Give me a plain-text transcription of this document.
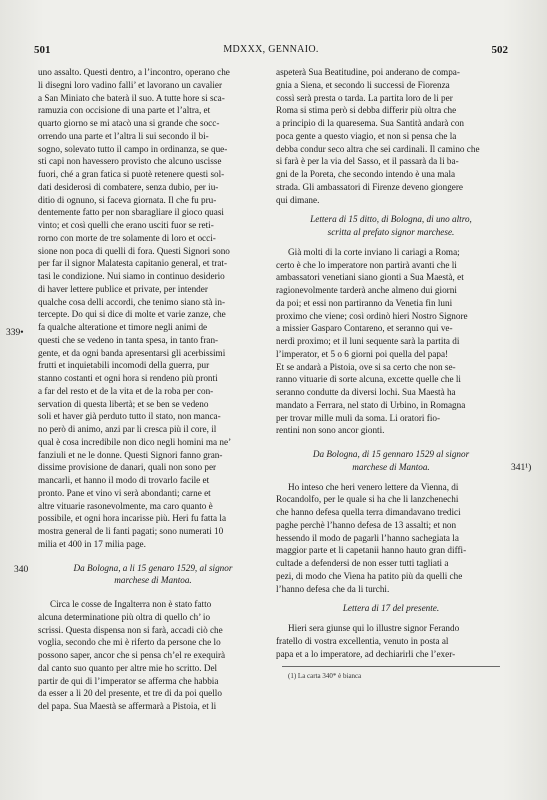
501	MDXXX, GENNAIO.	502
339•
340
341¹)
uno assalto. Questi dentro, a l’incontro, operano che
li disegni loro vadino falli’ et lavorano un cavalier
a San Miniato che baterà il suo. A tutte hore si sca-
ramuzia con occisione di una parte et l’altra, et
quarto giorno se mi atacò una si grande che socc-
orrendo una parte et l’altra li sui secondo il bi-
sogno, solevato tutto il campo in ordinanza, se que-
sti capi non havessero provisto che alcuno uscisse
fuori, ché a gran fatica si puotè retenere questi sol-
dati desiderosi di combatere, senza dubio, per iu-
ditio di ognuno, si faceva giornata. Il che fu pru-
dentemente fatto per non sbaragliare il gioco quasi
vinto; et così quelli che erano usciti fuor se reti-
rorno con morte de tre solamente di loro et occi-
sione non poca di quelli di fora. Questi Signori sono
per far il signor Malatesta capitanio general, et trat-
tasi le condizione. Nui siamo in continuo desiderio
di haver lettere publice et private, per intender
qualche cosa delli accordi, che tenimo siano stà in-
tercepte. Do qui si dice di molte et varie zanze, che
fa qualche alteratione et timore negli animi de
questi che se vedeno in tanta spesa, in tanto fran-
gente, et da ogni banda apresentarsi gli acerbissimi
frutti et inquietabili incomodi della guerra, pur
stanno costanti et ogni hora si rendeno più pronti
a far del resto et de la vita et de la roba per con-
servation di questa libertà; et se ben se vedeno
soli et haver già perduto tutto il stato, non manca-
no però di animo, anzi par li cresca più il core, il
qual è cosa incredibile non dico negli homini ma ne’
fanziuli et ne le donne. Questi Signori fanno gran-
dissime provisione de danari, quali non sono per
mancarli, et hanno il modo di trovarlo facile et
pronto. Pane et vino vi serà abondanti; carne et
altre vituarie rasonevolmente, ma caro quanto è
possibile, et ogni hora incarisse più. Heri fu fatta la
mostra general de li fanti pagati; sono numerati 10
milia et 400 in 17 milia page.
Da Bologna, a li 15 genaro 1529, al signor
marchese di Mantoa.
Circa le cosse de Ingalterra non è stato fatto
alcuna determinatione più oltra di quello ch’ io
scrissi. Questa dispensa non si farà, accadi ciò che
voglia, secondo che mi è riferto da persone che lo
possono saper, ancor che si pensa ch’el re exequirà
dal canto suo quanto per altre mie ho scritto. Del
partir de qui di l’imperator se afferma che habbia
da esser a li 20 del presente, et tre di da poi quello
del papa. Sua Maestà se affermarà a Pistoia, et li
aspeterà Sua Beatitudine, poi anderano de compa-
gnia a Siena, et secondo li successi de Fiorenza
cossì serà presta o tarda. La partita loro de li per
Roma si stima però si debba differir più oltra che
a principio di la quaresema. Sua Santità andarà con
poca gente a questo viagio, et non si pensa che la
debba condur seco altra che sei cardinali. Il camino che
si farà è per la via del Sasso, et il passarà da li ba-
gni de la Poreta, che secondo intendo è una mala
strada. Gli ambassatori di Firenze deveno giongere
qui dimane.
Lettera di 15 ditto, di Bologna, di uno altro,
scritta al prefato signor marchese.
Già molti di la corte inviano li cariagi a Roma;
certo è che lo imperatore non partirà avanti che li
ambassatori venetiani siano gionti a Sua Maestà, et
ragionevolmente tarderà anche almeno dui giorni
da poi; et essi non partiranno da Venetia fin luni
proximo che viene; così ordinò hieri Nostro Signore
a missier Gasparo Contareno, et seranno qui ve-
nerdì proximo; et il luni sequente sarà la partita di
l’imperator, et 5 o 6 giorni poi quella del papa!
Et se andarà a Pistoia, ove si sa certo che non se-
ranno vituarie di sorte alcuna, excette quelle che li
seranno condutte da diversi lochi. Sua Maestà ha
mandato a Ferrara, nel stato di Urbino, in Romagna
per trovar mille muli da soma. Li oratori fio-
rentini non sono ancor gionti.
Da Bologna, di 15 gennaro 1529 al signor
marchese di Mantoa.
Ho inteso che heri venero lettere da Vienna, di
Rocandolfo, per le quale si ha che li lanzchenechi
che hanno defesa quella terra dimandavano tredici
paghe perchè l’hanno defesa de 13 assalti; et non
hessendo il modo de pagarli l’hanno sachegiata la
maggior parte et li capetanii hanno hauto gran diffi-
cultade a defendersi de non esser tutti tagliati a
pezi, di modo che Viena ha patito più da quelli che
l’hanno defesa che da li turchi.
Lettera di 17 del presente.
Hieri sera giunse qui lo illustre signor Ferando
fratello di vostra excellentia, venuto in posta al
papa et a lo imperatore, ad dechiarirli che l’exer-
(1) La carta 340* è bianca
